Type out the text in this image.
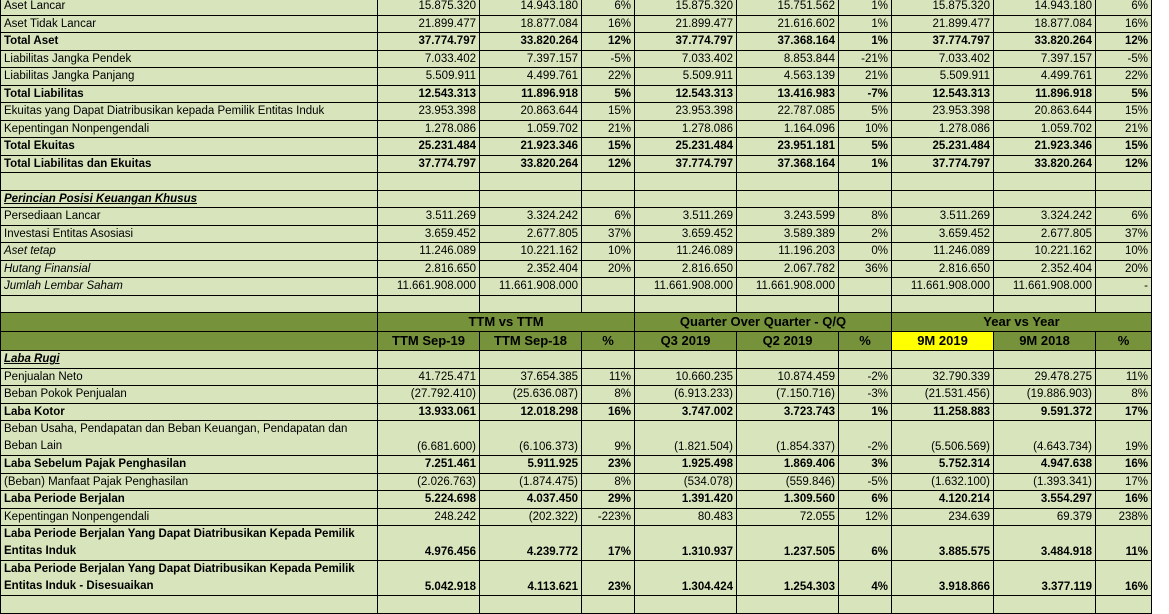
Aset Lancar	15.875.320	14.943.180	6%	15.875.320	15.751.562	1%	15.875.320	14.943.180	6%
Aset Tidak Lancar	21.899.477	18.877.084	16%	21.899.477	21.616.602	1%	21.899.477	18.877.084	16%
Total Aset	37.774.797	33.820.264	12%	37.774.797	37.368.164	1%	37.774.797	33.820.264	12%
Liabilitas Jangka Pendek	7.033.402	7.397.157	-5%	7.033.402	8.853.844	-21%	7.033.402	7.397.157	-5%
Liabilitas Jangka Panjang	5.509.911	4.499.761	22%	5.509.911	4.563.139	21%	5.509.911	4.499.761	22%
Total Liabilitas	12.543.313	11.896.918	5%	12.543.313	13.416.983	-7%	12.543.313	11.896.918	5%
Ekuitas yang Dapat Diatribusikan kepada Pemilik Entitas Induk	23.953.398	20.863.644	15%	23.953.398	22.787.085	5%	23.953.398	20.863.644	15%
Kepentingan Nonpengendali	1.278.086	1.059.702	21%	1.278.086	1.164.096	10%	1.278.086	1.059.702	21%
Total Ekuitas	25.231.484	21.923.346	15%	25.231.484	23.951.181	5%	25.231.484	21.923.346	15%
Total Liabilitas dan Ekuitas	37.774.797	33.820.264	12%	37.774.797	37.368.164	1%	37.774.797	33.820.264	12%

Perincian Posisi Keuangan Khusus									
Persediaan Lancar	3.511.269	3.324.242	6%	3.511.269	3.243.599	8%	3.511.269	3.324.242	6%
Investasi Entitas Asosiasi	3.659.452	2.677.805	37%	3.659.452	3.589.389	2%	3.659.452	2.677.805	37%
Aset tetap	11.246.089	10.221.162	10%	11.246.089	11.196.203	0%	11.246.089	10.221.162	10%
Hutang Finansial	2.816.650	2.352.404	20%	2.816.650	2.067.782	36%	2.816.650	2.352.404	20%
Jumlah Lembar Saham	11.661.908.000	11.661.908.000		11.661.908.000	11.661.908.000		11.661.908.000	11.661.908.000	-

	TTM vs TTM			Quarter Over Quarter - Q/Q			Year vs Year		
	TTM Sep-19	TTM Sep-18	%	Q3 2019	Q2 2019	%	9M 2019	9M 2018	%
Laba Rugi									
Penjualan Neto	41.725.471	37.654.385	11%	10.660.235	10.874.459	-2%	32.790.339	29.478.275	11%
Beban Pokok Penjualan	(27.792.410)	(25.636.087)	8%	(6.913.233)	(7.150.716)	-3%	(21.531.456)	(19.886.903)	8%
Laba Kotor	13.933.061	12.018.298	16%	3.747.002	3.723.743	1%	11.258.883	9.591.372	17%
Beban Usaha, Pendapatan dan Beban Keuangan, Pendapatan dan Beban Lain	(6.681.600)	(6.106.373)	9%	(1.821.504)	(1.854.337)	-2%	(5.506.569)	(4.643.734)	19%
Laba Sebelum Pajak Penghasilan	7.251.461	5.911.925	23%	1.925.498	1.869.406	3%	5.752.314	4.947.638	16%
(Beban) Manfaat Pajak Penghasilan	(2.026.763)	(1.874.475)	8%	(534.078)	(559.846)	-5%	(1.632.100)	(1.393.341)	17%
Laba Periode Berjalan	5.224.698	4.037.450	29%	1.391.420	1.309.560	6%	4.120.214	3.554.297	16%
Kepentingan Nonpengendali	248.242	(202.322)	-223%	80.483	72.055	12%	234.639	69.379	238%
Laba Periode Berjalan Yang Dapat Diatribusikan Kepada Pemilik Entitas Induk	4.976.456	4.239.772	17%	1.310.937	1.237.505	6%	3.885.575	3.484.918	11%
Laba Periode Berjalan Yang Dapat Diatribusikan Kepada Pemilik Entitas Induk - Disesuaikan	5.042.918	4.113.621	23%	1.304.424	1.254.303	4%	3.918.866	3.377.119	16%
